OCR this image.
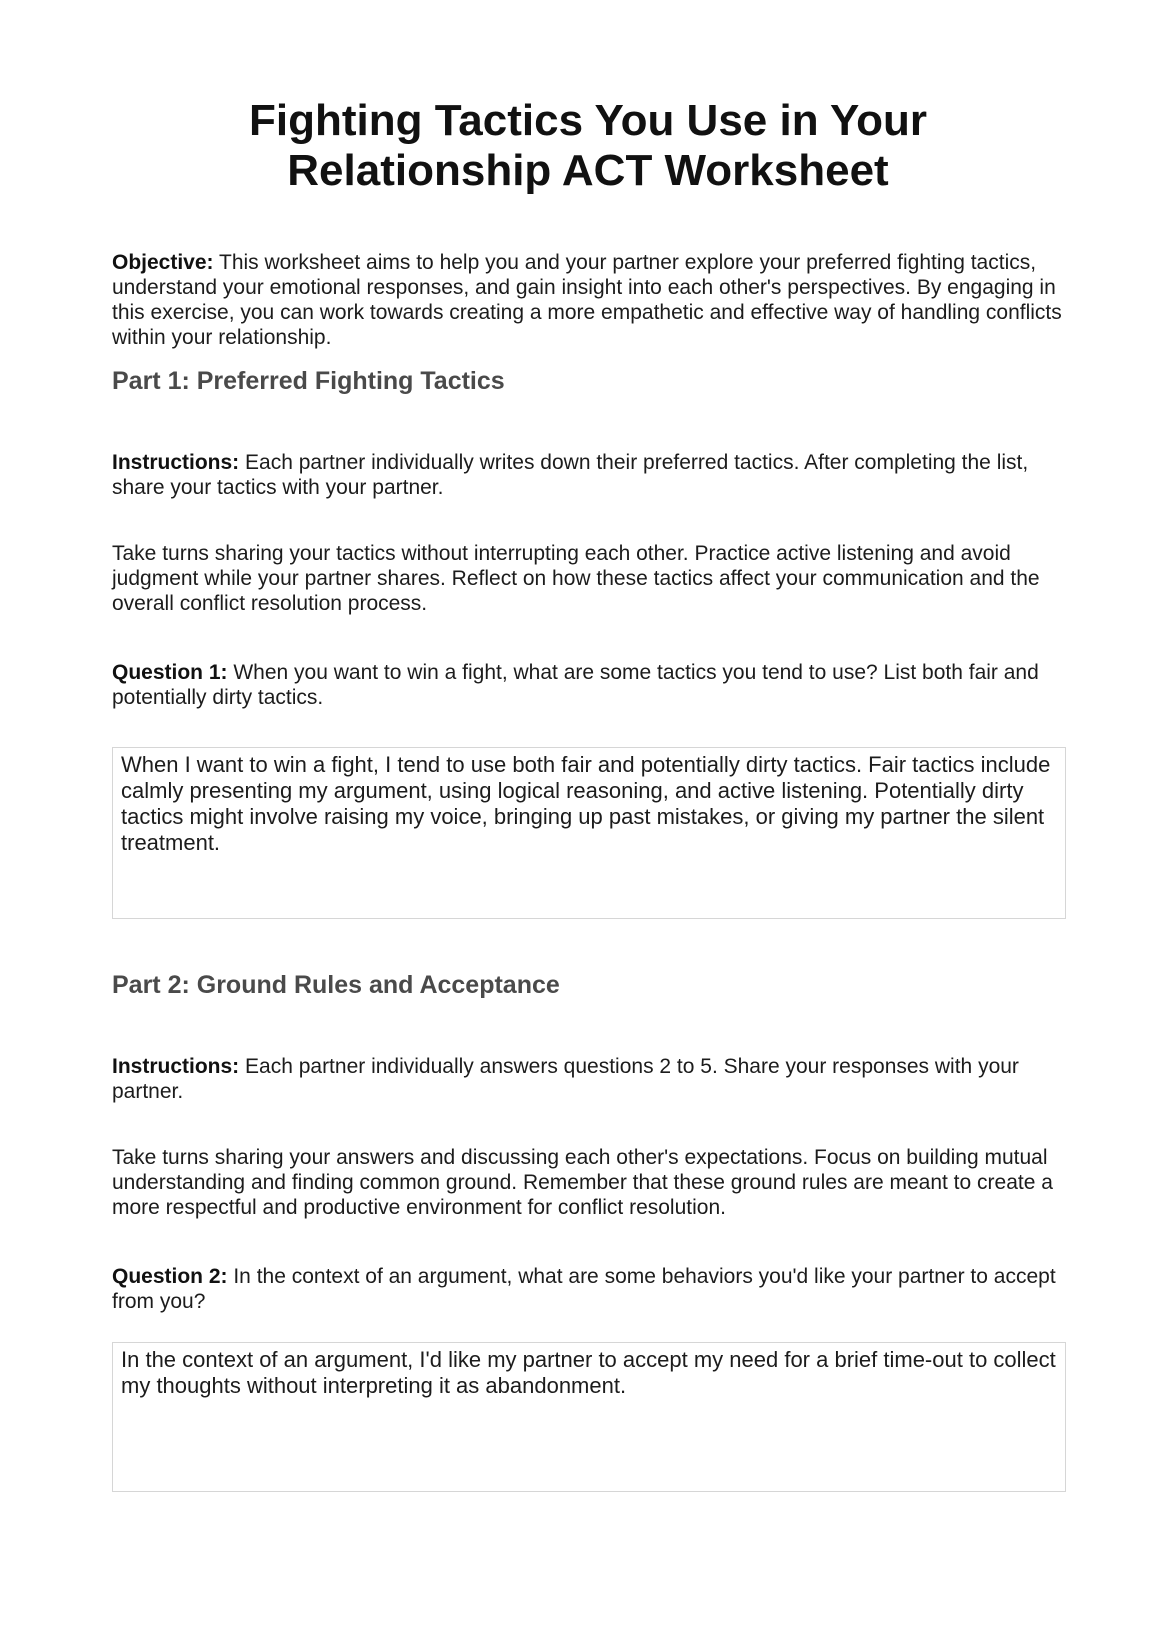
Fighting Tactics You Use in Your
Relationship ACT Worksheet

Objective: This worksheet aims to help you and your partner explore your preferred fighting tactics, understand your emotional responses, and gain insight into each other's perspectives. By engaging in this exercise, you can work towards creating a more empathetic and effective way of handling conflicts within your relationship.

Part 1: Preferred Fighting Tactics

Instructions: Each partner individually writes down their preferred tactics. After completing the list, share your tactics with your partner.

Take turns sharing your tactics without interrupting each other. Practice active listening and avoid judgment while your partner shares. Reflect on how these tactics affect your communication and the overall conflict resolution process.

Question 1: When you want to win a fight, what are some tactics you tend to use? List both fair and potentially dirty tactics.

When I want to win a fight, I tend to use both fair and potentially dirty tactics. Fair tactics include calmly presenting my argument, using logical reasoning, and active listening. Potentially dirty tactics might involve raising my voice, bringing up past mistakes, or giving my partner the silent treatment.
Part 2: Ground Rules and Acceptance

Instructions: Each partner individually answers questions 2 to 5. Share your responses with your partner.

Take turns sharing your answers and discussing each other's expectations. Focus on building mutual understanding and finding common ground. Remember that these ground rules are meant to create a more respectful and productive environment for conflict resolution.

Question 2: In the context of an argument, what are some behaviors you'd like your partner to accept from you?

In the context of an argument, I'd like my partner to accept my need for a brief time-out to collect my thoughts without interpreting it as abandonment.
